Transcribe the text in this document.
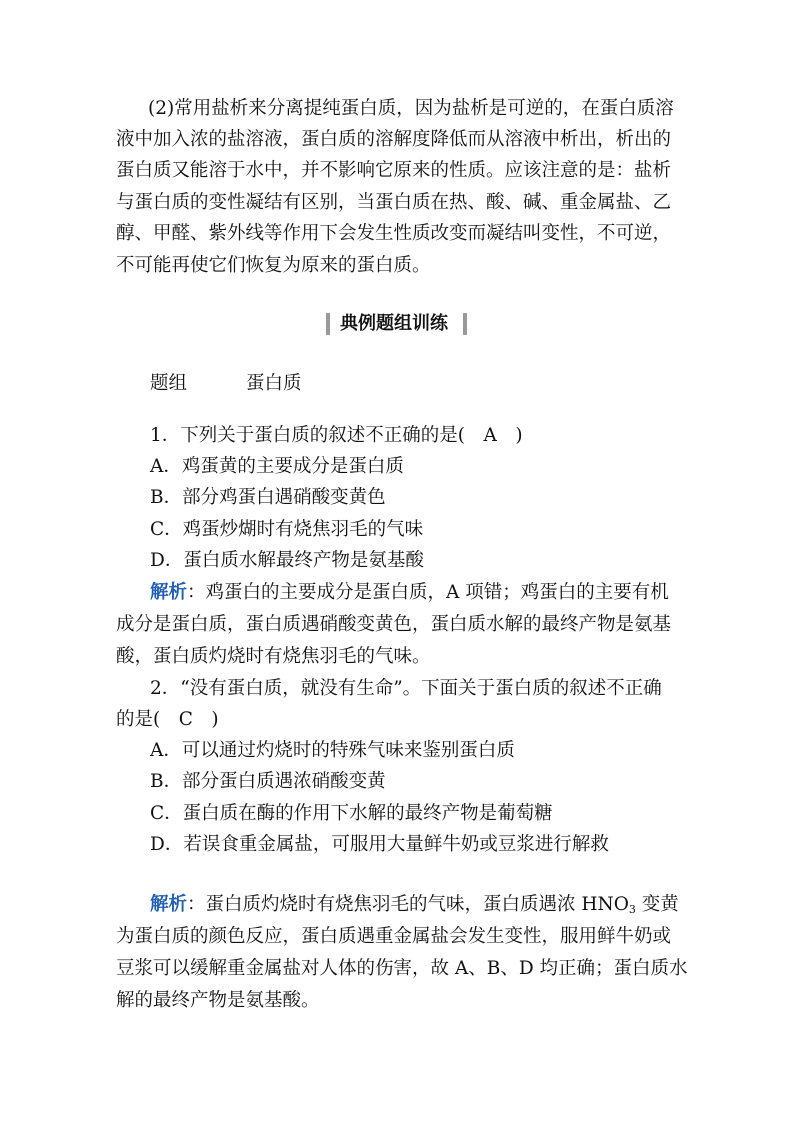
(2)常用盐析来分离提纯蛋白质，因为盐析是可逆的，在蛋白质溶
液中加入浓的盐溶液，蛋白质的溶解度降低而从溶液中析出，析出的
蛋白质又能溶于水中，并不影响它原来的性质。应该注意的是：盐析
与蛋白质的变性凝结有区别，当蛋白质在热、酸、碱、重金属盐、乙
醇、甲醛、紫外线等作用下会发生性质改变而凝结叫变性，不可逆，
不可能再使它们恢复为原来的蛋白质。
典例题组训练
题组	蛋白质
1．下列关于蛋白质的叙述不正确的是(　A　)
A．鸡蛋黄的主要成分是蛋白质
B．部分鸡蛋白遇硝酸变黄色
C．鸡蛋炒煳时有烧焦羽毛的气味
D．蛋白质水解最终产物是氨基酸
解析：鸡蛋白的主要成分是蛋白质，A 项错；鸡蛋白的主要有机
成分是蛋白质，蛋白质遇硝酸变黄色，蛋白质水解的最终产物是氨基
酸，蛋白质灼烧时有烧焦羽毛的气味。
2．“没有蛋白质，就没有生命”。下面关于蛋白质的叙述不正确
的是(　C　)
A．可以通过灼烧时的特殊气味来鉴别蛋白质
B．部分蛋白质遇浓硝酸变黄
C．蛋白质在酶的作用下水解的最终产物是葡萄糖
D．若误食重金属盐，可服用大量鲜牛奶或豆浆进行解救
解析：蛋白质灼烧时有烧焦羽毛的气味，蛋白质遇浓 $HNO_3$ 变黄
为蛋白质的颜色反应，蛋白质遇重金属盐会发生变性，服用鲜牛奶或
豆浆可以缓解重金属盐对人体的伤害，故 A、B、D 均正确；蛋白质水
解的最终产物是氨基酸。
